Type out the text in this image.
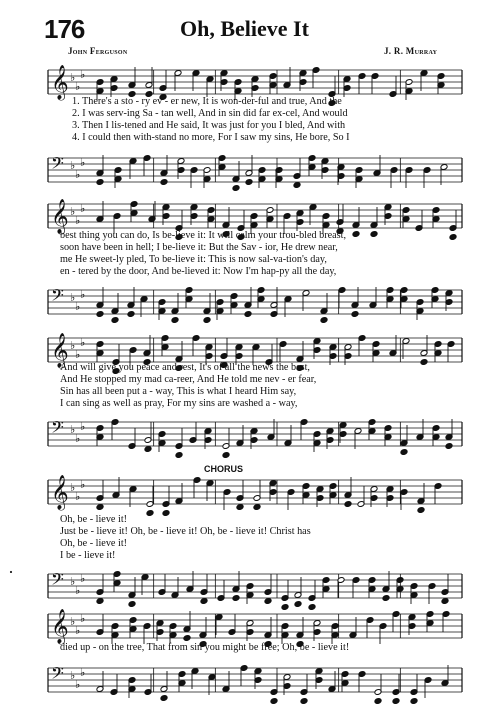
176	Oh, Believe It
John Ferguson	J. R. Murray
𝄞 ♭
♭
♭
1. There's a sto - ry ev - er new, It is won-der-ful and true, And the
2. I was serv-ing Sa - tan well, And in sin did far ex-cel, And would
3. Then I lis-tened and He said, It was just for you I bled, And with
4. I could then with-stand no more, For I saw my sins, He bore, So I
𝄢 ♭
♭
♭
𝄞 ♭
♭
♭
best thing you can do, Is be-lieve it: It will calm your trou-bled breast,
soon have been in hell; I be-lieve it: But the Sav - ior, He drew near,
me He sweet-ly pled, To be-lieve it: This is now sal-va-tion's day,
en - tered by the door, And be-lieved it: Now I'm hap-py all the day,
𝄢 ♭
♭
♭
𝄞 ♭
♭
♭
And will give you peace and rest, It's of all the news the best,
And He stopped my mad ca-reer, And He told me nev - er fear,
Sin has all been put a - way, This is what I heard Him say,
I can sing as well as pray, For my sins are washed a - way,
𝄢 ♭
♭
♭
CHORUS
𝄞 ♭
♭
♭
Oh, be - lieve it!
Just be - lieve it! Oh, be - lieve it! Oh, be - lieve it! Christ has
Oh, be - lieve it!
I be - lieve it!
𝄢 ♭
♭
♭
·
𝄞 ♭
♭
♭
died up - on the tree, That from sin you might be free; Oh, be - lieve it!
𝄢 ♭
♭
♭
